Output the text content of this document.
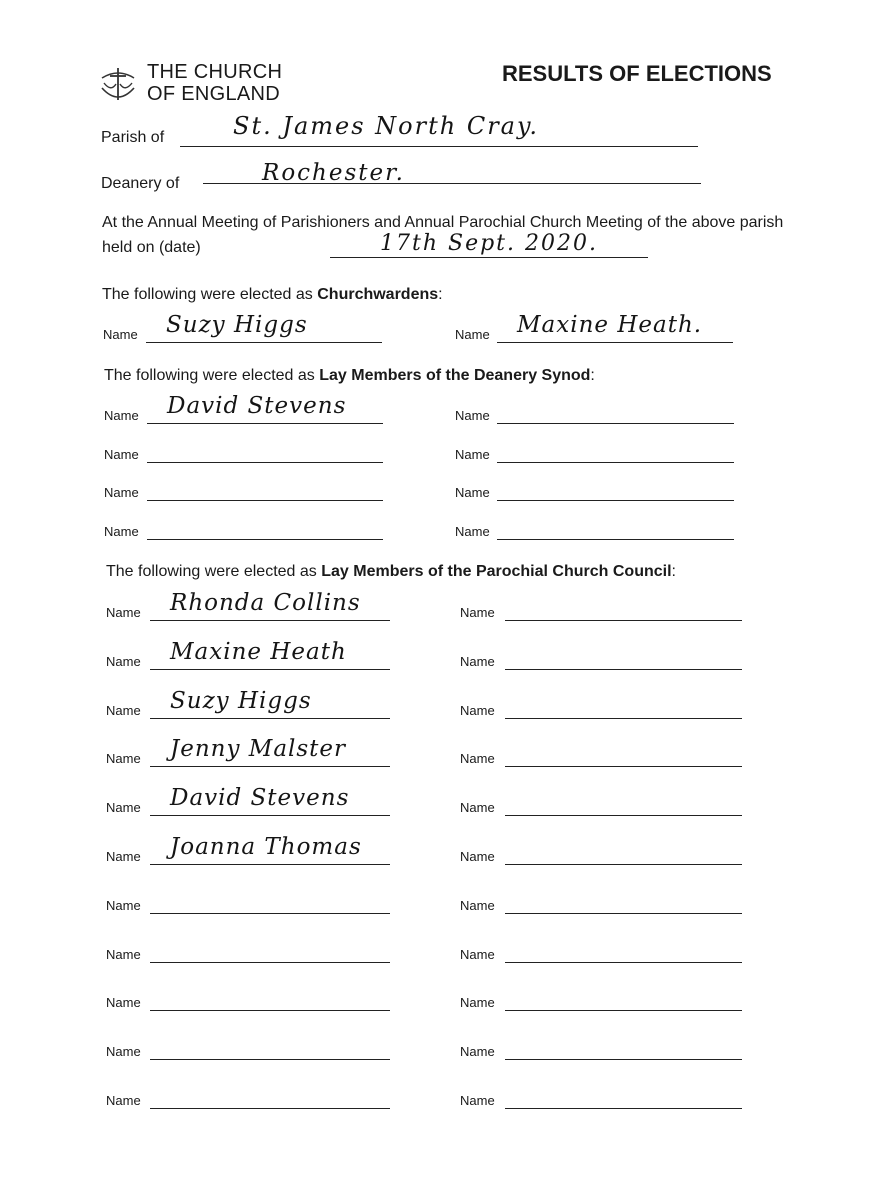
THE CHURCH
OF ENGLAND
RESULTS OF ELECTIONS
Parish of	St. James North Cray.
Deanery of	Rochester.
At the Annual Meeting of Parishioners and Annual Parochial Church Meeting of the above parish held on (date)	17th Sept. 2020.
The following were elected as Churchwardens:
Name Suzy Higgs	Name Maxine Heath.
The following were elected as Lay Members of the Deanery Synod:
Name David Stevens	Name
Name	Name
Name	Name
Name	Name
The following were elected as Lay Members of the Parochial Church Council:
Name Rhonda Collins	Name
Name Maxine Heath	Name
Name Suzy Higgs	Name
Name Jenny Malster	Name
Name David Stevens	Name
Name Joanna Thomas	Name
Name	Name
Name	Name
Name	Name
Name	Name
Name	Name
